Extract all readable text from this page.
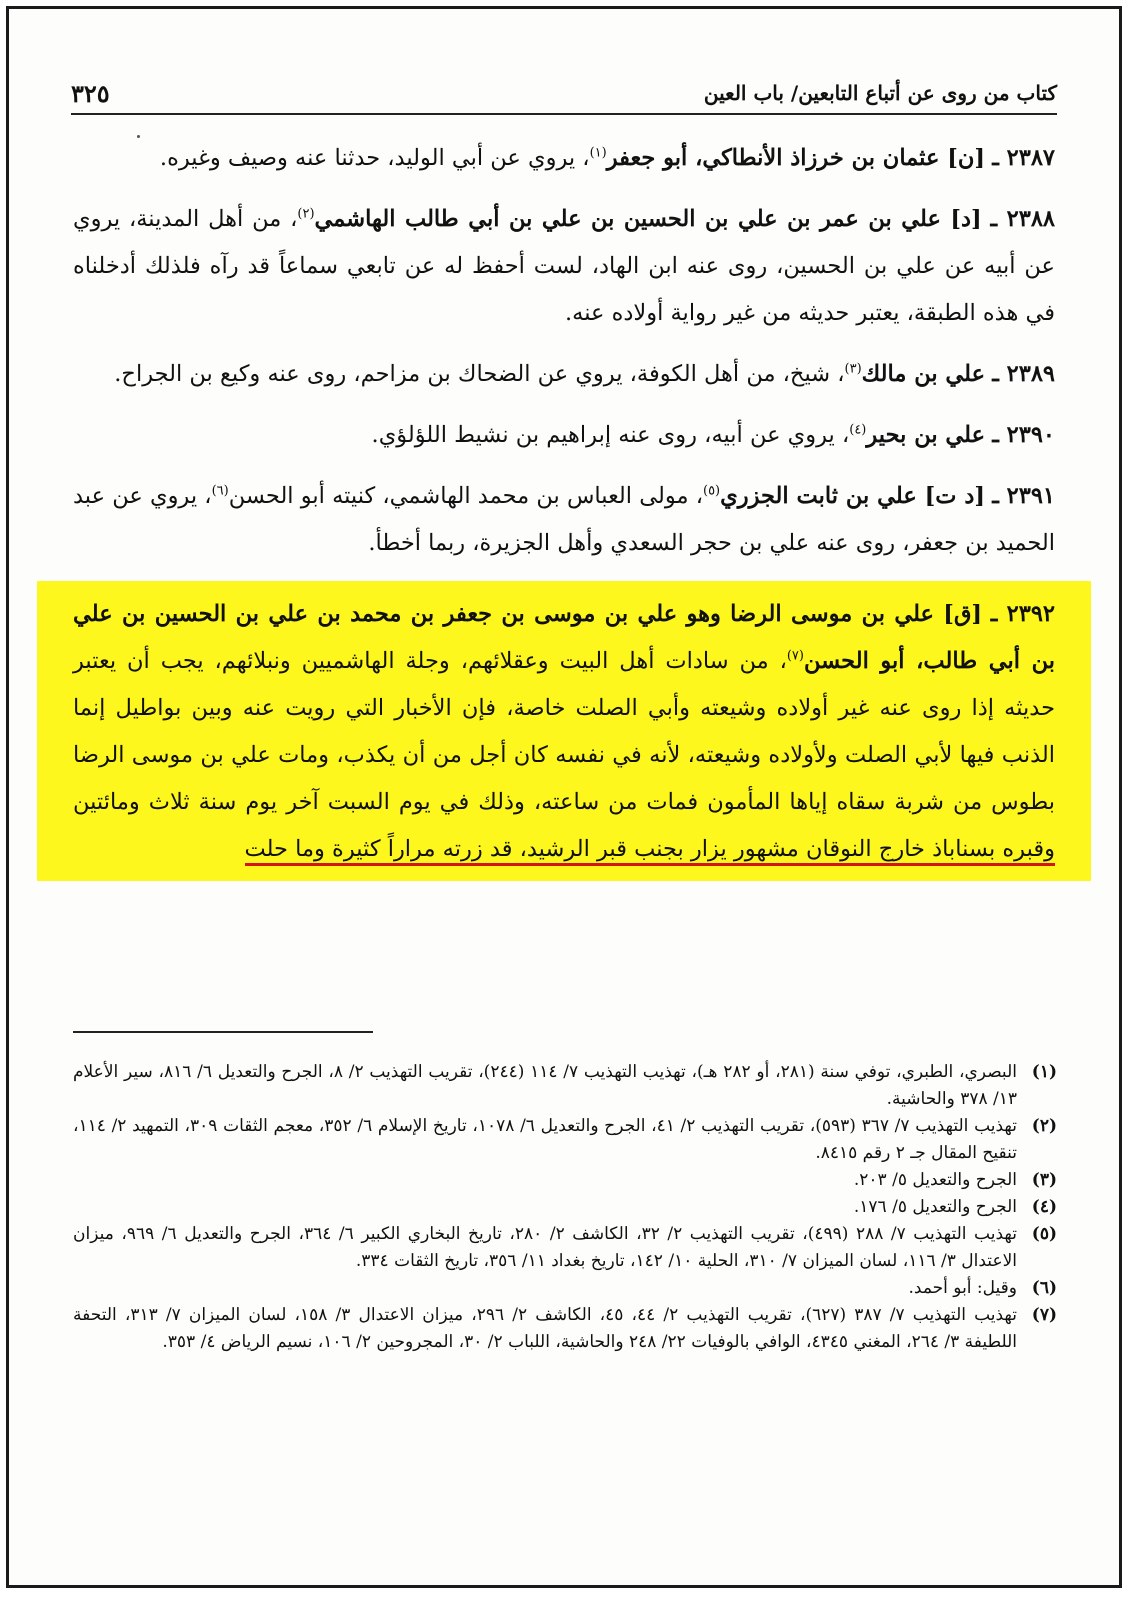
كتاب من روى عن أتباع التابعين/ باب العين
٣٢٥

٢٣٨٧ ـ [ن] عثمان بن خرزاذ الأنطاكي، أبو جعفر$^{(١)}$، يروي عن أبي الوليد، حدثنا عنه وصيف وغيره.

٢٣٨٨ ـ [د] علي بن عمر بن علي بن الحسين بن علي بن أبي طالب الهاشمي$^{(٢)}$، من أهل المدينة، يروي عن أبيه عن علي بن الحسين، روى عنه ابن الهاد، لست أحفظ له عن تابعي سماعاً قد رآه فلذلك أدخلناه في هذه الطبقة، يعتبر حديثه من غير رواية أولاده عنه.

٢٣٨٩ ـ علي بن مالك$^{(٣)}$، شيخ، من أهل الكوفة، يروي عن الضحاك بن مزاحم، روى عنه وكيع بن الجراح.

٢٣٩٠ ـ علي بن بحير$^{(٤)}$، يروي عن أبيه، روى عنه إبراهيم بن نشيط اللؤلؤي.

٢٣٩١ ـ [د ت] علي بن ثابت الجزري$^{(٥)}$، مولى العباس بن محمد الهاشمي، كنيته أبو الحسن$^{(٦)}$، يروي عن عبد الحميد بن جعفر، روى عنه علي بن حجر السعدي وأهل الجزيرة، ربما أخطأ.

٢٣٩٢ ـ [ق] علي بن موسى الرضا وهو علي بن موسى بن جعفر بن محمد بن علي بن الحسين بن علي بن أبي طالب، أبو الحسن$^{(٧)}$، من سادات أهل البيت وعقلائهم، وجلة الهاشميين ونبلائهم، يجب أن يعتبر حديثه إذا روى عنه غير أولاده وشيعته وأبي الصلت خاصة، فإن الأخبار التي رويت عنه وبين بواطيل إنما الذنب فيها لأبي الصلت ولأولاده وشيعته، لأنه في نفسه كان أجل من أن يكذب، ومات علي بن موسى الرضا بطوس من شربة سقاه إياها المأمون فمات من ساعته، وذلك في يوم السبت آخر يوم سنة ثلاث ومائتين وقبره بسناباذ خارج النوقان مشهور يزار بجنب قبر الرشيد، قد زرته مراراً كثيرة وما حلت

(١)
البصري، الطبري، توفي سنة (٢٨١، أو ٢٨٢ هـ)، تهذيب التهذيب ٧/ ١١٤ (٢٤٤)، تقريب التهذيب ٢/ ٨، الجرح والتعديل ٦/ ٨١٦، سير الأعلام ١٣/ ٣٧٨ والحاشية.
(٢)
تهذيب التهذيب ٧/ ٣٦٧ (٥٩٣)، تقريب التهذيب ٢/ ٤١، الجرح والتعديل ٦/ ١٠٧٨، تاريخ الإسلام ٦/ ٣٥٢، معجم الثقات ٣٠٩، التمهيد ٢/ ١١٤، تنقيح المقال جـ ٢ رقم ٨٤١٥.
(٣)
الجرح والتعديل ٥/ ٢٠٣.
(٤)
الجرح والتعديل ٥/ ١٧٦.
(٥)
تهذيب التهذيب ٧/ ٢٨٨ (٤٩٩)، تقريب التهذيب ٢/ ٣٢، الكاشف ٢/ ٢٨٠، تاريخ البخاري الكبير ٦/ ٣٦٤، الجرح والتعديل ٦/ ٩٦٩، ميزان الاعتدال ٣/ ١١٦، لسان الميزان ٧/ ٣١٠، الحلية ١٠/ ١٤٢، تاريخ بغداد ١١/ ٣٥٦، تاريخ الثقات ٣٣٤.
(٦)
وقيل: أبو أحمد.
(٧)
تهذيب التهذيب ٧/ ٣٨٧ (٦٢٧)، تقريب التهذيب ٢/ ٤٤، ٤٥، الكاشف ٢/ ٢٩٦، ميزان الاعتدال ٣/ ١٥٨، لسان الميزان ٧/ ٣١٣، التحفة اللطيفة ٣/ ٢٦٤، المغني ٤٣٤٥، الوافي بالوفيات ٢٢/ ٢٤٨ والحاشية، اللباب ٢/ ٣٠، المجروحين ٢/ ١٠٦، نسيم الرياض ٤/ ٣٥٣.
